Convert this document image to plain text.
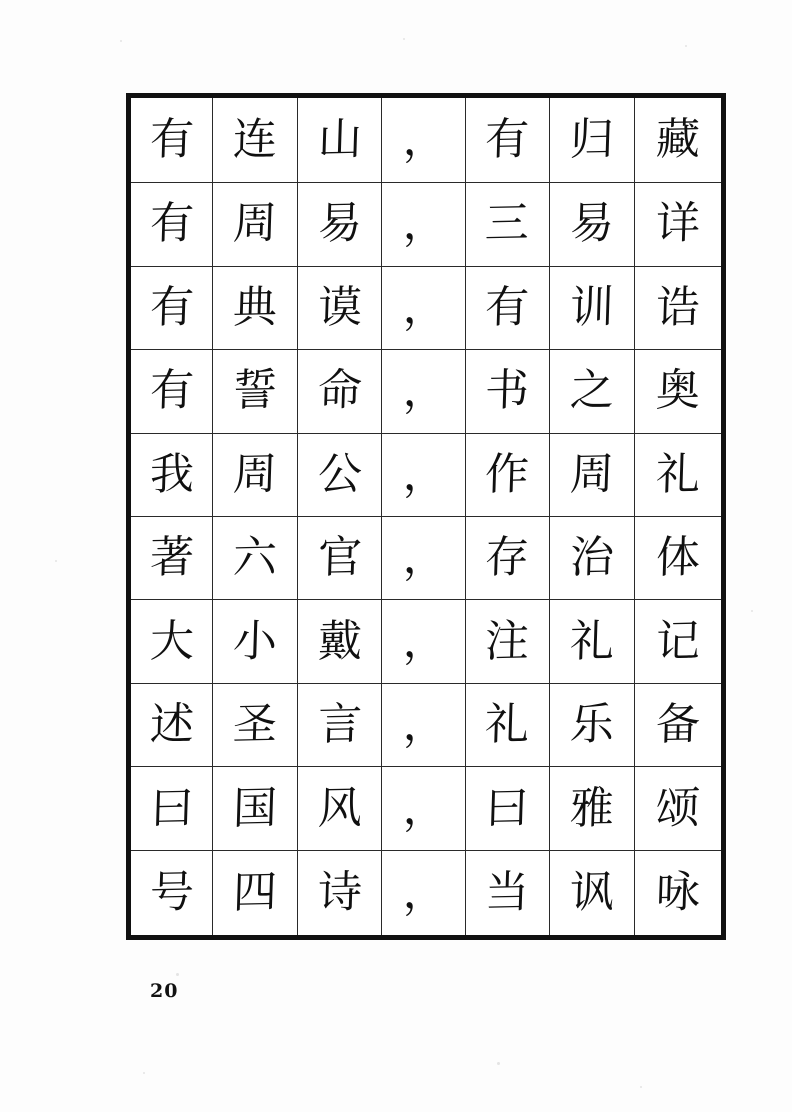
有	连	山	，	有	归	藏
有	周	易	，	三	易	详
有	典	谟	，	有	训	诰
有	誓	命	，	书	之	奥
我	周	公	，	作	周	礼
著	六	官	，	存	治	体
大	小	戴	，	注	礼	记
述	圣	言	，	礼	乐	备
曰	国	风	，	曰	雅	颂
号	四	诗	，	当	讽	咏
20
